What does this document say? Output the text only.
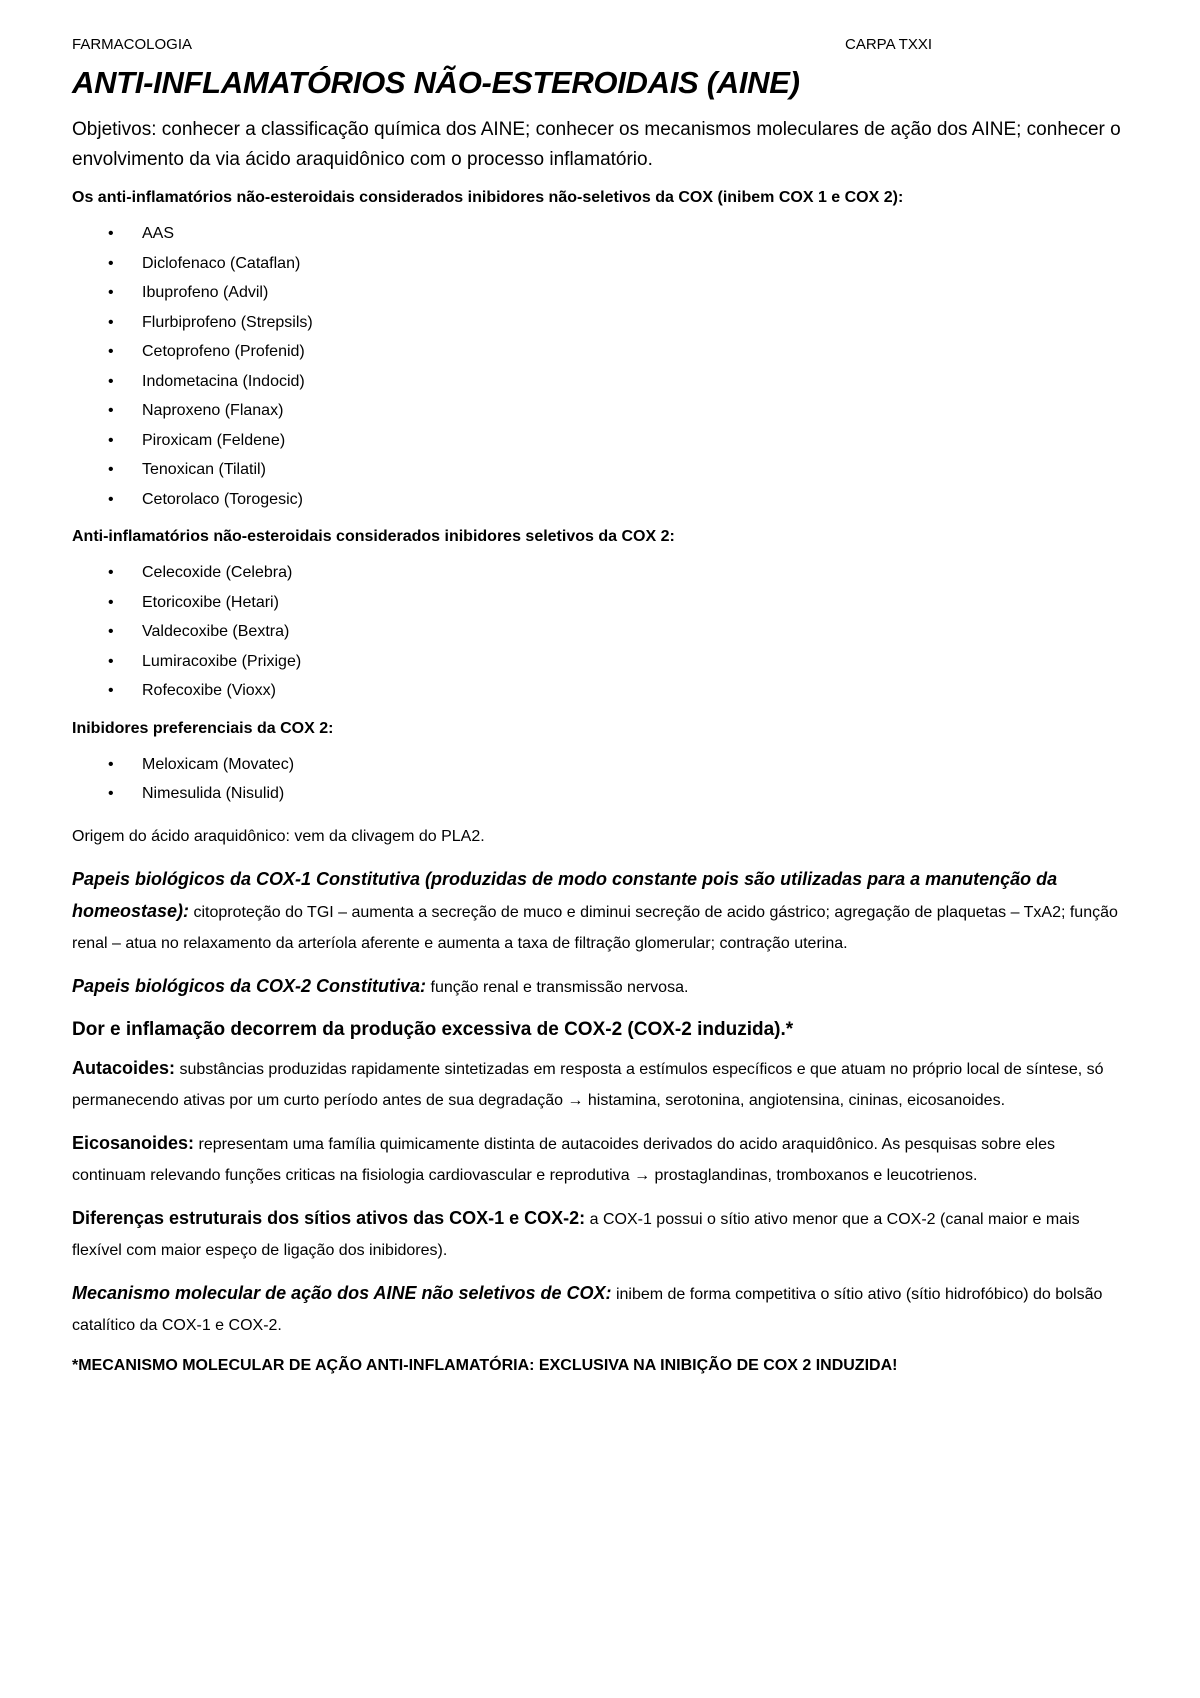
FARMACOLOGIA	CARPA TXXI
ANTI-INFLAMATÓRIOS NÃO-ESTEROIDAIS (AINE)

Objetivos: conhecer a classificação química dos AINE; conhecer os mecanismos moleculares de ação dos AINE; conhecer o envolvimento da via ácido araquidônico com o processo inflamatório.

Os anti-inflamatórios não-esteroidais considerados inibidores não-seletivos da COX (inibem COX 1 e COX 2):
• AAS
• Diclofenaco (Cataflan)
• Ibuprofeno (Advil)
• Flurbiprofeno (Strepsils)
• Cetoprofeno (Profenid)
• Indometacina (Indocid)
• Naproxeno (Flanax)
• Piroxicam (Feldene)
• Tenoxican (Tilatil)
• Cetorolaco (Torogesic)
Anti-inflamatórios não-esteroidais considerados inibidores seletivos da COX 2:
• Celecoxide (Celebra)
• Etoricoxibe (Hetari)
• Valdecoxibe (Bextra)
• Lumiracoxibe (Prixige)
• Rofecoxibe (Vioxx)
Inibidores preferenciais da COX 2:
• Meloxicam (Movatec)
• Nimesulida (Nisulid)

Origem do ácido araquidônico: vem da clivagem do PLA2.

Papeis biológicos da COX-1 Constitutiva (produzidas de modo constante pois são utilizadas para a manutenção da homeostase): citoproteção do TGI – aumenta a secreção de muco e diminui secreção de acido gástrico; agregação de plaquetas – TxA2; função renal – atua no relaxamento da arteríola aferente e aumenta a taxa de filtração glomerular; contração uterina.

Papeis biológicos da COX-2 Constitutiva: função renal e transmissão nervosa.

Dor e inflamação decorrem da produção excessiva de COX-2 (COX-2 induzida).*

Autacoides: substâncias produzidas rapidamente sintetizadas em resposta a estímulos específicos e que atuam no próprio local de síntese, só permanecendo ativas por um curto período antes de sua degradação → histamina, serotonina, angiotensina, cininas, eicosanoides.

Eicosanoides: representam uma família quimicamente distinta de autacoides derivados do acido araquidônico. As pesquisas sobre eles continuam relevando funções criticas na fisiologia cardiovascular e reprodutiva → prostaglandinas, tromboxanos e leucotrienos.

Diferenças estruturais dos sítios ativos das COX-1 e COX-2: a COX-1 possui o sítio ativo menor que a COX-2 (canal maior e mais flexível com maior espeço de ligação dos inibidores).

Mecanismo molecular de ação dos AINE não seletivos de COX: inibem de forma competitiva o sítio ativo (sítio hidrofóbico) do bolsão catalítico da COX-1 e COX-2.

*MECANISMO MOLECULAR DE AÇÃO ANTI-INFLAMATÓRIA: EXCLUSIVA NA INIBIÇÃO DE COX 2 INDUZIDA!
